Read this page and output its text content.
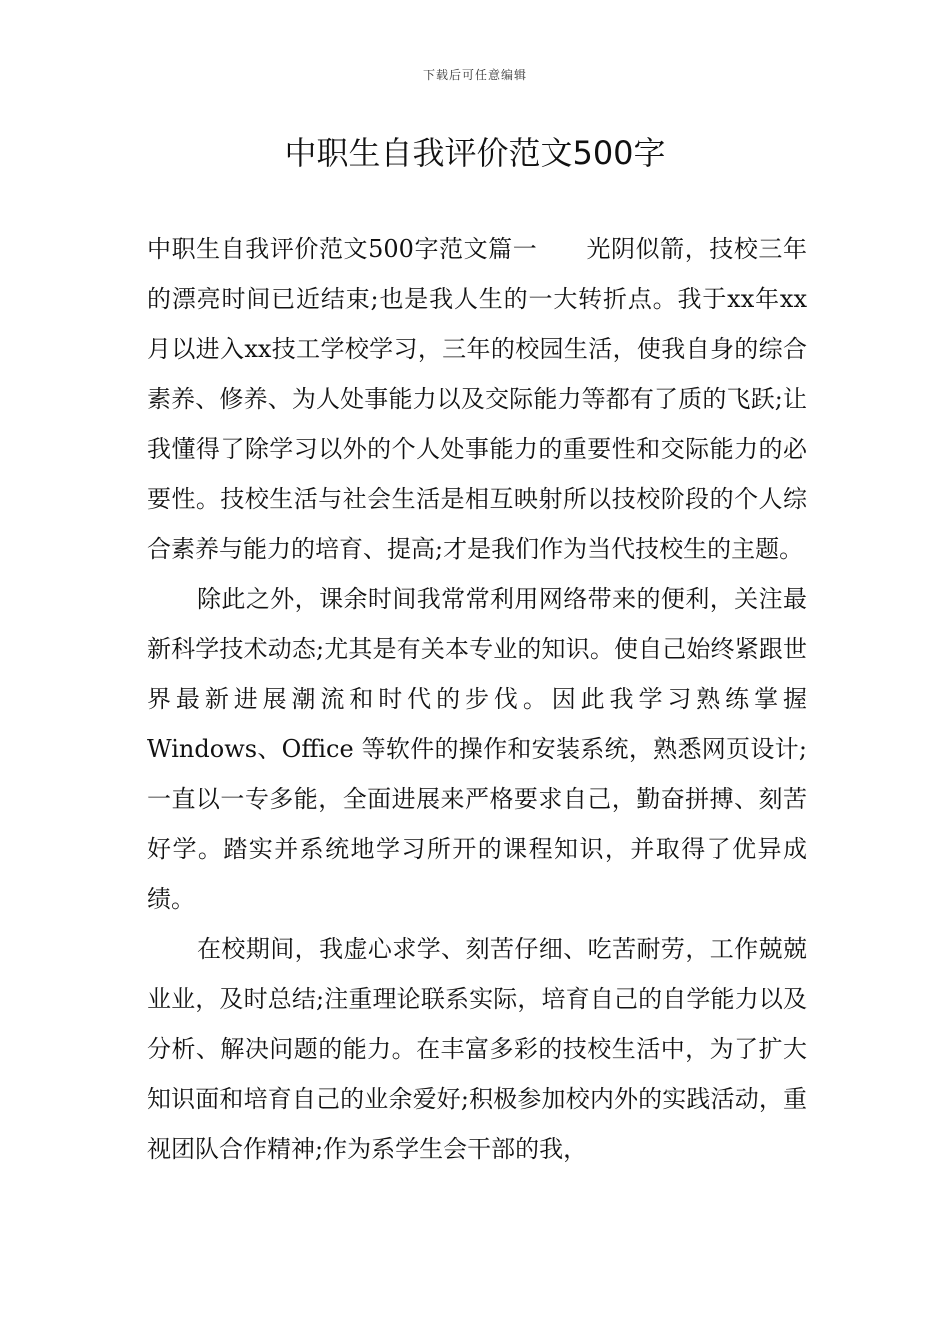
下载后可任意编辑
中职生自我评价范文500字

中职生自我评价范文500字范文篇一　　光阴似箭，技校三年的漂亮时间已近结束;也是我人生的一大转折点。我于xx年xx月以进入xx技工学校学习，三年的校园生活，使我自身的综合素养、修养、为人处事能力以及交际能力等都有了质的飞跃;让我懂得了除学习以外的个人处事能力的重要性和交际能力的必要性。技校生活与社会生活是相互映射所以技校阶段的个人综合素养与能力的培育、提高;才是我们作为当代技校生的主题。

除此之外，课余时间我常常利用网络带来的便利，关注最新科学技术动态;尤其是有关本专业的知识。使自己始终紧跟世界最新进展潮流和时代的步伐。因此我学习熟练掌握Windows、Office 等软件的操作和安装系统，熟悉网页设计;一直以一专多能，全面进展来严格要求自己，勤奋拼搏、刻苦好学。踏实并系统地学习所开的课程知识，并取得了优异成绩。

在校期间，我虚心求学、刻苦仔细、吃苦耐劳，工作兢兢业业，及时总结;注重理论联系实际，培育自己的自学能力以及分析、解决问题的能力。在丰富多彩的技校生活中，为了扩大知识面和培育自己的业余爱好;积极参加校内外的实践活动，重视团队合作精神;作为系学生会干部的我，
